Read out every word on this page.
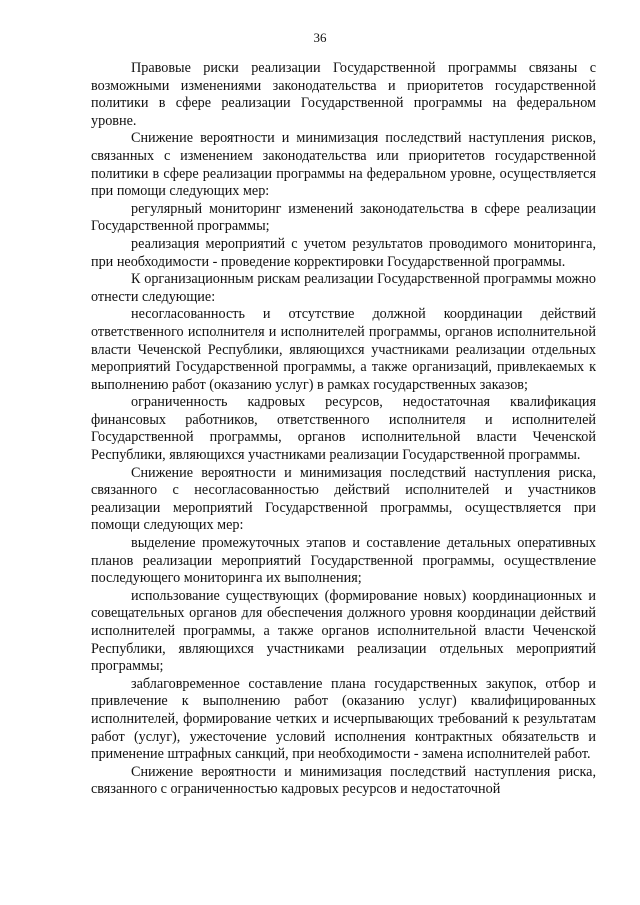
36

Правовые риски реализации Государственной программы связаны с возможными изменениями законодательства и приоритетов государственной политики в сфере реализации Государственной программы на федеральном уровне.

Снижение вероятности и минимизация последствий наступления рисков, связанных с изменением законодательства или приоритетов государственной политики в сфере реализации программы на федеральном уровне, осуществляется при помощи следующих мер:

регулярный мониторинг изменений законодательства в сфере реализации Государственной программы;

реализация мероприятий с учетом результатов проводимого мониторинга, при необходимости - проведение корректировки Государственной программы.

К организационным рискам реализации Государственной программы можно отнести следующие:

несогласованность и отсутствие должной координации действий ответственного исполнителя и исполнителей программы, органов исполнительной власти Чеченской Республики, являющихся участниками реализации отдельных мероприятий Государственной программы, а также организаций, привлекаемых к выполнению работ (оказанию услуг) в рамках государственных заказов;

ограниченность кадровых ресурсов, недостаточная квалификация финансовых работников, ответственного исполнителя и исполнителей Государственной программы, органов исполнительной власти Чеченской Республики, являющихся участниками реализации Государственной программы.

Снижение вероятности и минимизация последствий наступления риска, связанного с несогласованностью действий исполнителей и участников реализации мероприятий Государственной программы, осуществляется при помощи следующих мер:

выделение промежуточных этапов и составление детальных оперативных планов реализации мероприятий Государственной программы, осуществление последующего мониторинга их выполнения;

использование существующих (формирование новых) координационных и совещательных органов для обеспечения должного уровня координации действий исполнителей программы, а также органов исполнительной власти Чеченской Республики, являющихся участниками реализации отдельных мероприятий программы;

заблаговременное составление плана государственных закупок, отбор и привлечение к выполнению работ (оказанию услуг) квалифицированных исполнителей, формирование четких и исчерпывающих требований к результатам работ (услуг), ужесточение условий исполнения контрактных обязательств и применение штрафных санкций, при необходимости - замена исполнителей работ.

Снижение вероятности и минимизация последствий наступления риска, связанного с ограниченностью кадровых ресурсов и недостаточной
